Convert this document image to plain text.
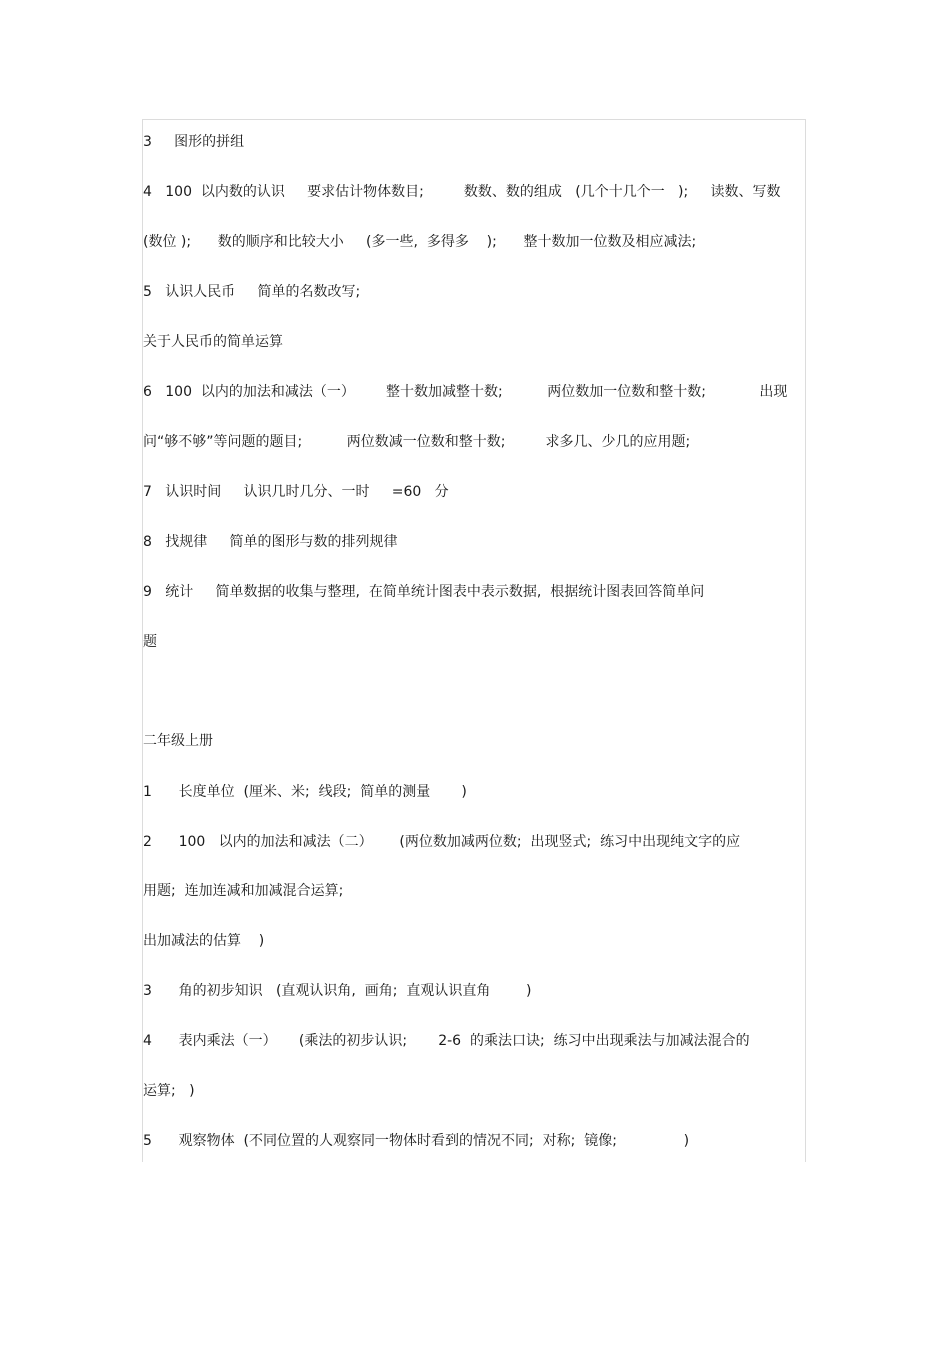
3     图形的拼组
4   100  以内数的认识     要求估计物体数目;         数数、数的组成   (几个十几个一   );     读数、写数
(数位 );      数的顺序和比较大小     (多一些,  多得多    );      整十数加一位数及相应减法;
5   认识人民币     简单的名数改写;
关于人民币的简单运算
6   100  以内的加法和减法（一）       整十数加减整十数;          两位数加一位数和整十数;            出现
问“够不够”等问题的题目;          两位数减一位数和整十数;         求多几、少几的应用题;
7   认识时间     认识几时几分、一时     =60   分
8   找规律     简单的图形与数的排列规律
9   统计     简单数据的收集与整理,  在简单统计图表中表示数据,  根据统计图表回答简单问
题
二年级上册
1      长度单位  (厘米、米;  线段;  简单的测量       )
2      100   以内的加法和减法（二）      (两位数加减两位数;  出现竖式;  练习中出现纯文字的应
用题;  连加连减和加减混合运算;
出加减法的估算    )
3      角的初步知识   (直观认识角,  画角;  直观认识直角        )
4      表内乘法（一）     (乘法的初步认识;       2-6  的乘法口诀;  练习中出现乘法与加减法混合的
运算;   )
5      观察物体  (不同位置的人观察同一物体时看到的情况不同;  对称;  镜像;               )
